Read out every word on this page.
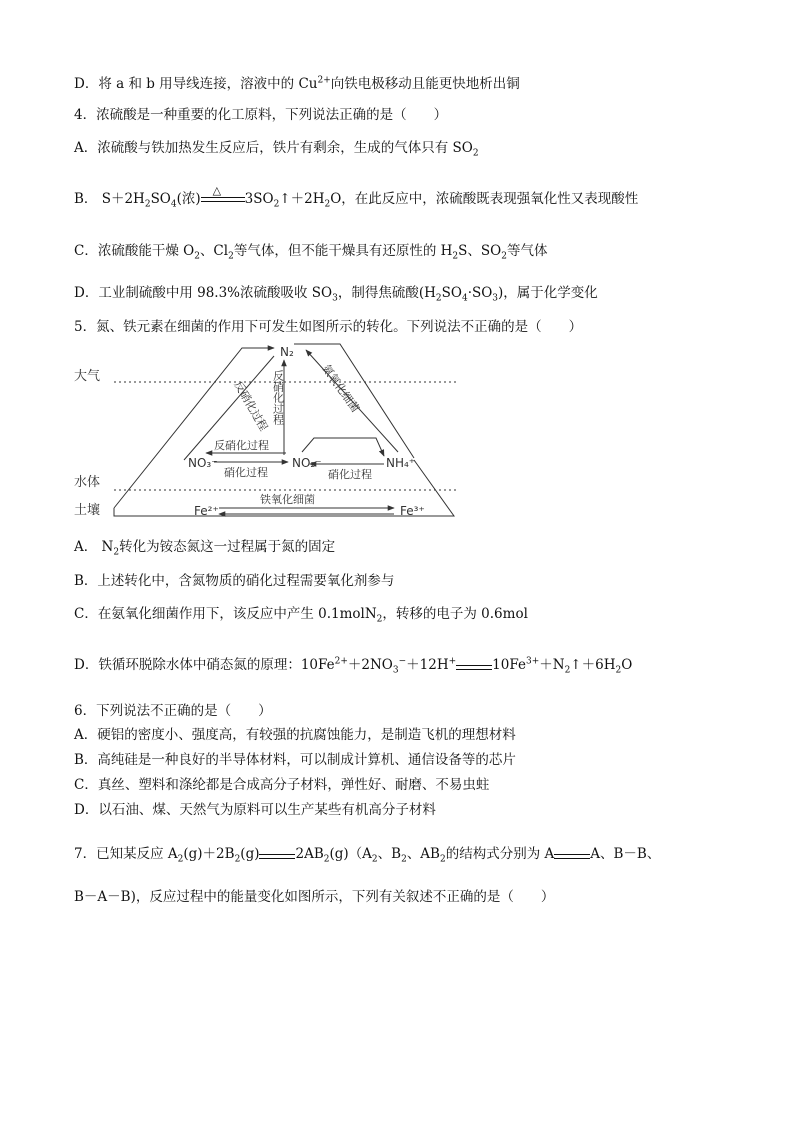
D．将 a 和 b 用导线连接，溶液中的 $Cu^{2+}$向铁电极移动且能更快地析出铜
4．浓硫酸是一种重要的化工原料，下列说法正确的是（　　）
A．浓硫酸与铁加热发生反应后，铁片有剩余，生成的气体只有 $SO_2$
B． $S+2H_2SO_4$(浓)
△
$3SO_2↑+2H_2O$，在此反应中，浓硫酸既表现强氧化性又表现酸性
C．浓硫酸能干燥 $O_2$、$Cl_2$等气体，但不能干燥具有还原性的 $H_2S$、$SO_2$等气体
D．工业制硫酸中用 98.3%浓硫酸吸收 $SO_3$，制得焦硫酸$(H_2SO_4\cdot SO_3)$，属于化学变化
5．氮、铁元素在细菌的作用下可发生如图所示的转化。下列说法不正确的是（　　）
大气
水体
土壤
N₂
NO₃⁻	NO₂⁻	NH₄⁺
Fe²⁺	Fe³⁺
反硝化过程 反硝化过程	氨氧化细菌
反硝化过程
硝化过程	硝化过程
铁氧化细菌
A． $N_2$转化为铵态氮这一过程属于氮的固定
B．上述转化中，含氮物质的硝化过程需要氧化剂参与
C．在氨氧化细菌作用下，该反应中产生 0.1molN$_2$，转移的电子为 0.6mol
D．铁循环脱除水体中硝态氮的原理：$10Fe^{2+}+2NO_3^-+12H^+$	$10Fe^{3+}+N_2↑+6H_2O$
6．下列说法不正确的是（　　）
A．硬铝的密度小、强度高，有较强的抗腐蚀能力，是制造飞机的理想材料
B．高纯硅是一种良好的半导体材料，可以制成计算机、通信设备等的芯片
C．真丝、塑料和涤纶都是合成高分子材料，弹性好、耐磨、不易虫蛀
D．以石油、煤、天然气为原料可以生产某些有机高分子材料
7．已知某反应 $A_2(g)+2B_2(g)$	$2AB_2(g)(A_2$、$B_2$、$AB_2$的结构式分别为 A	A、B－B、
B－A－B)，反应过程中的能量变化如图所示，下列有关叙述不正确的是（　　）
